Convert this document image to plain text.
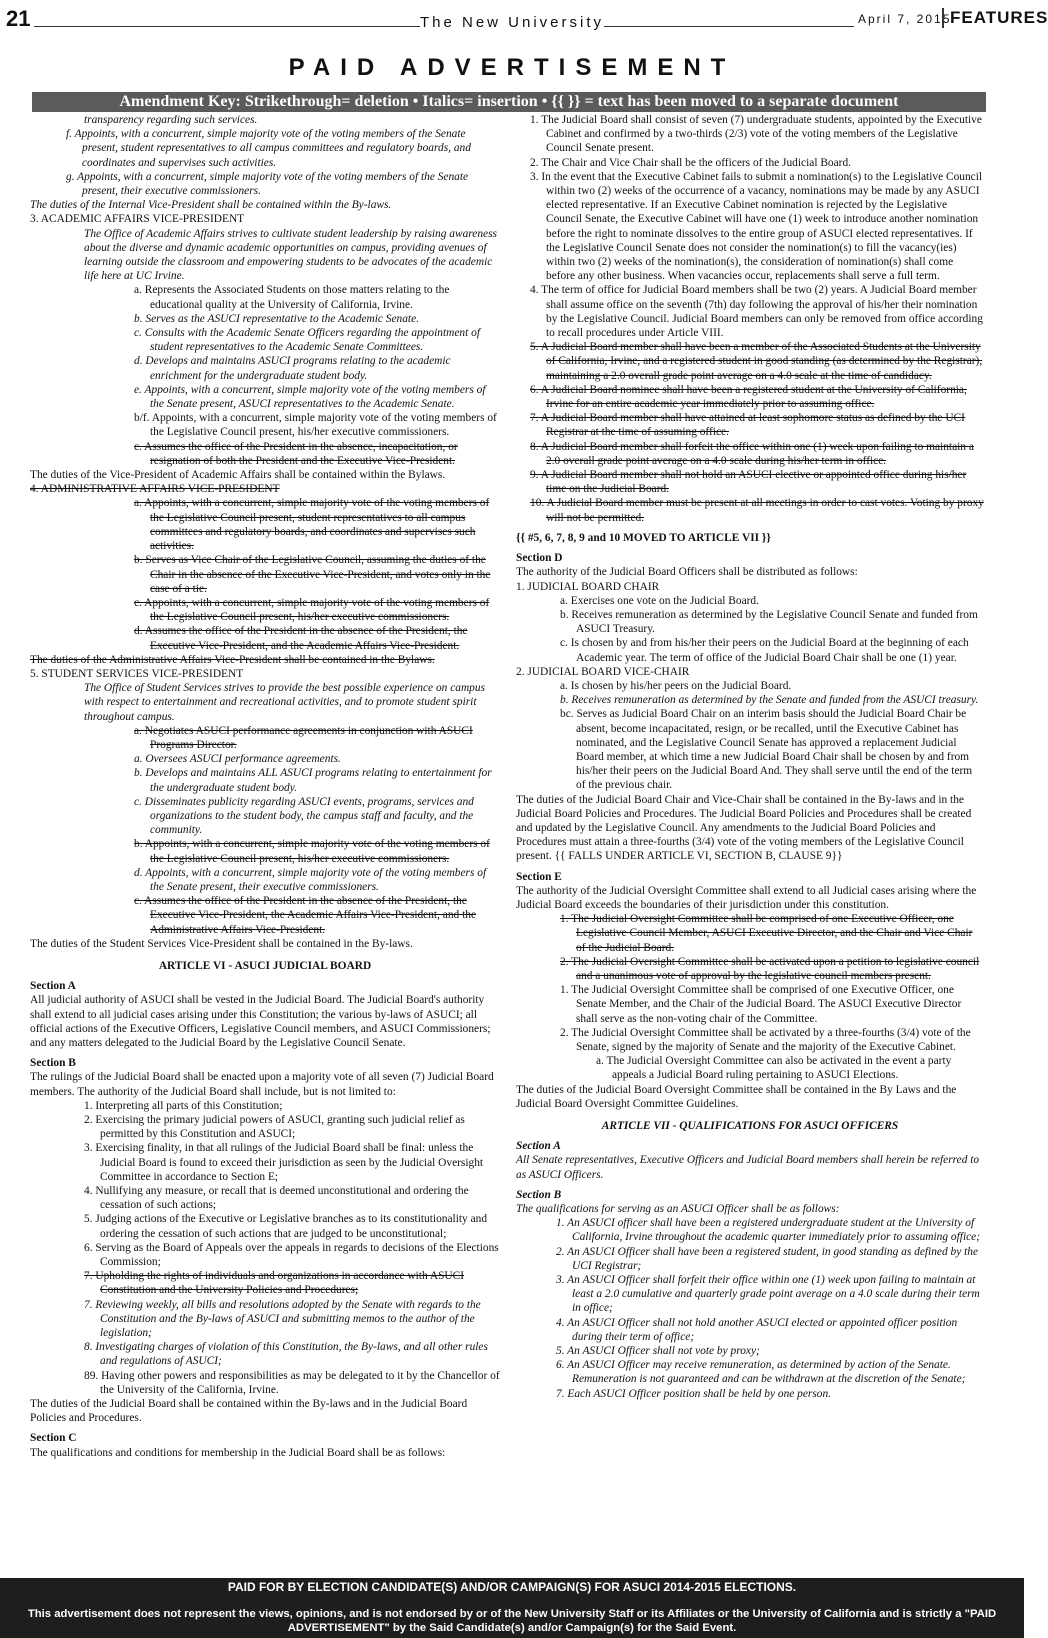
21	The New University	April 7, 2015
FEATURES
PAID ADVERTISEMENT
Amendment Key: Strikethrough= deletion • Italics= insertion • {{ }} = text has been moved to a separate document

transparency regarding such services.

f. Appoints, with a concurrent, simple majority vote of the voting members of the Senate present, student representatives to all campus committees and regulatory boards, and coordinates and supervises such activities.

g. Appoints, with a concurrent, simple majority vote of the voting members of the Senate present, their executive commissioners.

The duties of the Internal Vice-President shall be contained within the By-laws.

3. ACADEMIC AFFAIRS VICE-PRESIDENT

The Office of Academic Affairs strives to cultivate student leadership by raising awareness about the diverse and dynamic academic opportunities on campus, providing avenues of learning outside the classroom and empowering students to be advocates of the academic life here at UC Irvine.

a. Represents the Associated Students on those matters relating to the educational quality at the University of California, Irvine.

b. Serves as the ASUCI representative to the Academic Senate.

c. Consults with the Academic Senate Officers regarding the appointment of student representatives to the Academic Senate Committees.

d. Develops and maintains ASUCI programs relating to the academic enrichment for the undergraduate student body.

e. Appoints, with a concurrent, simple majority vote of the voting members of the Senate present, ASUCI representatives to the Academic Senate.

b/f. Appoints, with a concurrent, simple majority vote of the voting members of the Legislative Council present, his/her executive commissioners.

c. Assumes the office of the President in the absence, incapacitation, or resignation of both the President and the Executive Vice-President.

The duties of the Vice-President of Academic Affairs shall be contained within the Bylaws.

4. ADMINISTRATIVE AFFAIRS VICE-PRESIDENT

a. Appoints, with a concurrent, simple majority vote of the voting members of the Legislative Council present, student representatives to all campus committees and regulatory boards, and coordinates and supervises such activities.

b. Serves as Vice Chair of the Legislative Council, assuming the duties of the Chair in the absence of the Executive Vice-President, and votes only in the case of a tie.

c. Appoints, with a concurrent, simple majority vote of the voting members of the Legislative Council present, his/her executive commissioners.

d. Assumes the office of the President in the absence of the President, the Executive Vice-President, and the Academic Affairs Vice-President.

The duties of the Administrative Affairs Vice-President shall be contained in the Bylaws.

5. STUDENT SERVICES VICE-PRESIDENT

The Office of Student Services strives to provide the best possible experience on campus with respect to entertainment and recreational activities, and to promote student spirit throughout campus.

a. Negotiates ASUCI performance agreements in conjunction with ASUCI Programs Director.

a. Oversees ASUCI performance agreements.

b. Develops and maintains ALL ASUCI programs relating to entertainment for the undergraduate student body.

c. Disseminates publicity regarding ASUCI events, programs, services and organizations to the student body, the campus staff and faculty, and the community.

b. Appoints, with a concurrent, simple majority vote of the voting members of the Legislative Council present, his/her executive commissioners.

d. Appoints, with a concurrent, simple majority vote of the voting members of the Senate present, their executive commissioners.

c. Assumes the office of the President in the absence of the President, the Executive Vice-President, the Academic Affairs Vice-President, and the Administrative Affairs Vice-President.

The duties of the Student Services Vice-President shall be contained in the By-laws.

ARTICLE VI - ASUCI JUDICIAL BOARD

Section A

All judicial authority of ASUCI shall be vested in the Judicial Board. The Judicial Board's authority shall extend to all judicial cases arising under this Constitution; the various by-laws of ASUCI; all official actions of the Executive Officers, Legislative Council members, and ASUCI Commissioners; and any matters delegated to the Judicial Board by the Legislative Council Senate.

Section B

The rulings of the Judicial Board shall be enacted upon a majority vote of all seven (7) Judicial Board members. The authority of the Judicial Board shall include, but is not limited to:

1. Interpreting all parts of this Constitution;

2. Exercising the primary judicial powers of ASUCI, granting such judicial relief as permitted by this Constitution and ASUCI;

3. Exercising finality, in that all rulings of the Judicial Board shall be final: unless the Judicial Board is found to exceed their jurisdiction as seen by the Judicial Oversight Committee in accordance to Section E;

4. Nullifying any measure, or recall that is deemed unconstitutional and ordering the cessation of such actions;

5. Judging actions of the Executive or Legislative branches as to its constitutionality and ordering the cessation of such actions that are judged to be unconstitutional;

6. Serving as the Board of Appeals over the appeals in regards to decisions of the Elections Commission;

7. Upholding the rights of individuals and organizations in accordance with ASUCI Constitution and the University Policies and Procedures;

7. Reviewing weekly, all bills and resolutions adopted by the Senate with regards to the Constitution and the By-laws of ASUCI and submitting memos to the author of the legislation;

8. Investigating charges of violation of this Constitution, the By-laws, and all other rules and regulations of ASUCI;

89. Having other powers and responsibilities as may be delegated to it by the Chancellor of the University of the California, Irvine.

The duties of the Judicial Board shall be contained within the By-laws and in the Judicial Board Policies and Procedures.

Section C

The qualifications and conditions for membership in the Judicial Board shall be as follows:

1. The Judicial Board shall consist of seven (7) undergraduate students, appointed by the Executive Cabinet and confirmed by a two-thirds (2/3) vote of the voting members of the Legislative Council Senate present.

2. The Chair and Vice Chair shall be the officers of the Judicial Board.

3. In the event that the Executive Cabinet fails to submit a nomination(s) to the Legislative Council within two (2) weeks of the occurrence of a vacancy, nominations may be made by any ASUCI elected representative. If an Executive Cabinet nomination is rejected by the Legislative Council Senate, the Executive Cabinet will have one (1) week to introduce another nomination before the right to nominate dissolves to the entire group of ASUCI elected representatives. If the Legislative Council Senate does not consider the nomination(s) to fill the vacancy(ies) within two (2) weeks of the nomination(s), the consideration of nomination(s) shall come before any other business. When vacancies occur, replacements shall serve a full term.

4. The term of office for Judicial Board members shall be two (2) years. A Judicial Board member shall assume office on the seventh (7th) day following the approval of his/her their nomination by the Legislative Council. Judicial Board members can only be removed from office according to recall procedures under Article VIII.

5. A Judicial Board member shall have been a member of the Associated Students at the University of California, Irvine, and a registered student in good standing (as determined by the Registrar), maintaining a 2.0 overall grade point average on a 4.0 scale at the time of candidacy.

6. A Judicial Board nominee shall have been a registered student at the University of California, Irvine for an entire academic year immediately prior to assuming office.

7. A Judicial Board member shall have attained at least sophomore status as defined by the UCI Registrar at the time of assuming office.

8. A Judicial Board member shall forfeit the office within one (1) week upon failing to maintain a 2.0 overall grade point average on a 4.0 scale during his/her term in office.

9. A Judicial Board member shall not hold an ASUCI elective or appointed office during his/her time on the Judicial Board.

10. A Judicial Board member must be present at all meetings in order to cast votes. Voting by proxy will not be permitted.

{{ #5, 6, 7, 8, 9 and 10 MOVED TO ARTICLE VII }}

Section D

The authority of the Judicial Board Officers shall be distributed as follows:

1. JUDICIAL BOARD CHAIR

a. Exercises one vote on the Judicial Board.

b. Receives remuneration as determined by the Legislative Council Senate and funded from ASUCI Treasury.

c. Is chosen by and from his/her their peers on the Judicial Board at the beginning of each Academic year. The term of office of the Judicial Board Chair shall be one (1) year.

2. JUDICIAL BOARD VICE-CHAIR

a. Is chosen by his/her peers on the Judicial Board.

b. Receives remuneration as determined by the Senate and funded from the ASUCI treasury.

bc. Serves as Judicial Board Chair on an interim basis should the Judicial Board Chair be absent, become incapacitated, resign, or be recalled, until the Executive Cabinet has nominated, and the Legislative Council Senate has approved a replacement Judicial Board member, at which time a new Judicial Board Chair shall be chosen by and from his/her their peers on the Judicial Board And. They shall serve until the end of the term of the previous chair.

The duties of the Judicial Board Chair and Vice-Chair shall be contained in the By-laws and in the Judicial Board Policies and Procedures. The Judicial Board Policies and Procedures shall be created and updated by the Legislative Council. Any amendments to the Judicial Board Policies and Procedures must attain a three-fourths (3/4) vote of the voting members of the Legislative Council present. {{ FALLS UNDER ARTICLE VI, SECTION B, CLAUSE 9}}

Section E

The authority of the Judicial Oversight Committee shall extend to all Judicial cases arising where the Judicial Board exceeds the boundaries of their jurisdiction under this constitution.

1. The Judicial Oversight Committee shall be comprised of one Executive Officer, one Legislative Council Member, ASUCI Executive Director, and the Chair and Vice Chair of the Judicial Board.

2. The Judicial Oversight Committee shall be activated upon a petition to legislative council and a unanimous vote of approval by the legislative council members present.

1. The Judicial Oversight Committee shall be comprised of one Executive Officer, one Senate Member, and the Chair of the Judicial Board. The ASUCI Executive Director shall serve as the non-voting chair of the Committee.

2. The Judicial Oversight Committee shall be activated by a three-fourths (3/4) vote of the Senate, signed by the majority of Senate and the majority of the Executive Cabinet.

a. The Judicial Oversight Committee can also be activated in the event a party appeals a Judicial Board ruling pertaining to ASUCI Elections.

The duties of the Judicial Board Oversight Committee shall be contained in the By Laws and the Judicial Board Oversight Committee Guidelines.

ARTICLE VII - QUALIFICATIONS FOR ASUCI OFFICERS

Section A

All Senate representatives, Executive Officers and Judicial Board members shall herein be referred to as ASUCI Officers.

Section B

The qualifications for serving as an ASUCI Officer shall be as follows:

1. An ASUCI officer shall have been a registered undergraduate student at the University of California, Irvine throughout the academic quarter immediately prior to assuming office;

2. An ASUCI Officer shall have been a registered student, in good standing as defined by the UCI Registrar;

3. An ASUCI Officer shall forfeit their office within one (1) week upon failing to maintain at least a 2.0 cumulative and quarterly grade point average on a 4.0 scale during their term in office;

4. An ASUCI Officer shall not hold another ASUCI elected or appointed officer position during their term of office;

5. An ASUCI Officer shall not vote by proxy;

6. An ASUCI Officer may receive remuneration, as determined by action of the Senate. Remuneration is not guaranteed and can be withdrawn at the discretion of the Senate;

7. Each ASUCI Officer position shall be held by one person.

PAID FOR BY ELECTION CANDIDATE(S) AND/OR CAMPAIGN(S) FOR ASUCI 2014-2015 ELECTIONS.
This advertisement does not represent the views, opinions, and is not endorsed by or of the New University Staff or its Affiliates or the University of California and is strictly a "PAID ADVERTISEMENT" by the Said Candidate(s) and/or Campaign(s) for the Said Event.
